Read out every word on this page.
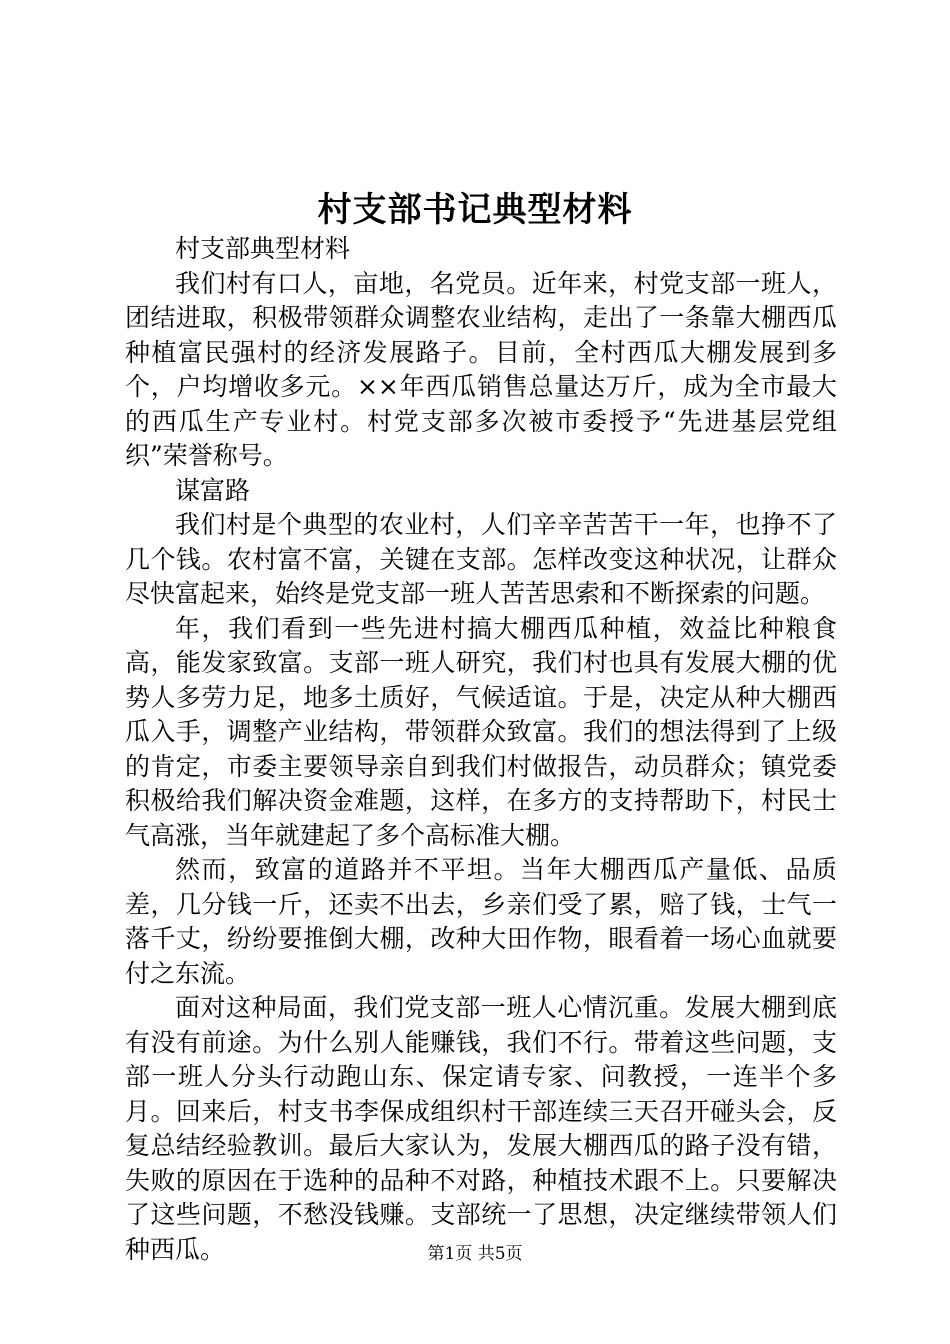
村支部书记典型材料

村支部典型材料

我们村有口人，亩地，名党员。近年来，村党支部一班人，团结进取，积极带领群众调整农业结构，走出了一条靠大棚西瓜种植富民强村的经济发展路子。目前，全村西瓜大棚发展到多个，户均增收多元。××年西瓜销售总量达万斤，成为全市最大的西瓜生产专业村。村党支部多次被市委授予“先进基层党组织”荣誉称号。

谋富路

我们村是个典型的农业村，人们辛辛苦苦干一年，也挣不了几个钱。农村富不富，关键在支部。怎样改变这种状况，让群众尽快富起来，始终是党支部一班人苦苦思索和不断探索的问题。

年，我们看到一些先进村搞大棚西瓜种植，效益比种粮食高，能发家致富。支部一班人研究，我们村也具有发展大棚的优势人多劳力足，地多土质好，气候适谊。于是，决定从种大棚西瓜入手，调整产业结构，带领群众致富。我们的想法得到了上级的肯定，市委主要领导亲自到我们村做报告，动员群众；镇党委积极给我们解决资金难题，这样，在多方的支持帮助下，村民士气高涨，当年就建起了多个高标准大棚。

然而，致富的道路并不平坦。当年大棚西瓜产量低、品质差，几分钱一斤，还卖不出去，乡亲们受了累，赔了钱，士气一落千丈，纷纷要推倒大棚，改种大田作物，眼看着一场心血就要付之东流。

面对这种局面，我们党支部一班人心情沉重。发展大棚到底有没有前途。为什么别人能赚钱，我们不行。带着这些问题，支部一班人分头行动跑山东、保定请专家、问教授，一连半个多月。回来后，村支书李保成组织村干部连续三天召开碰头会，反复总结经验教训。最后大家认为，发展大棚西瓜的路子没有错，失败的原因在于选种的品种不对路，种植技术跟不上。只要解决了这些问题，不愁没钱赚。支部统一了思想，决定继续带领人们种西瓜。	第1页 共5页
